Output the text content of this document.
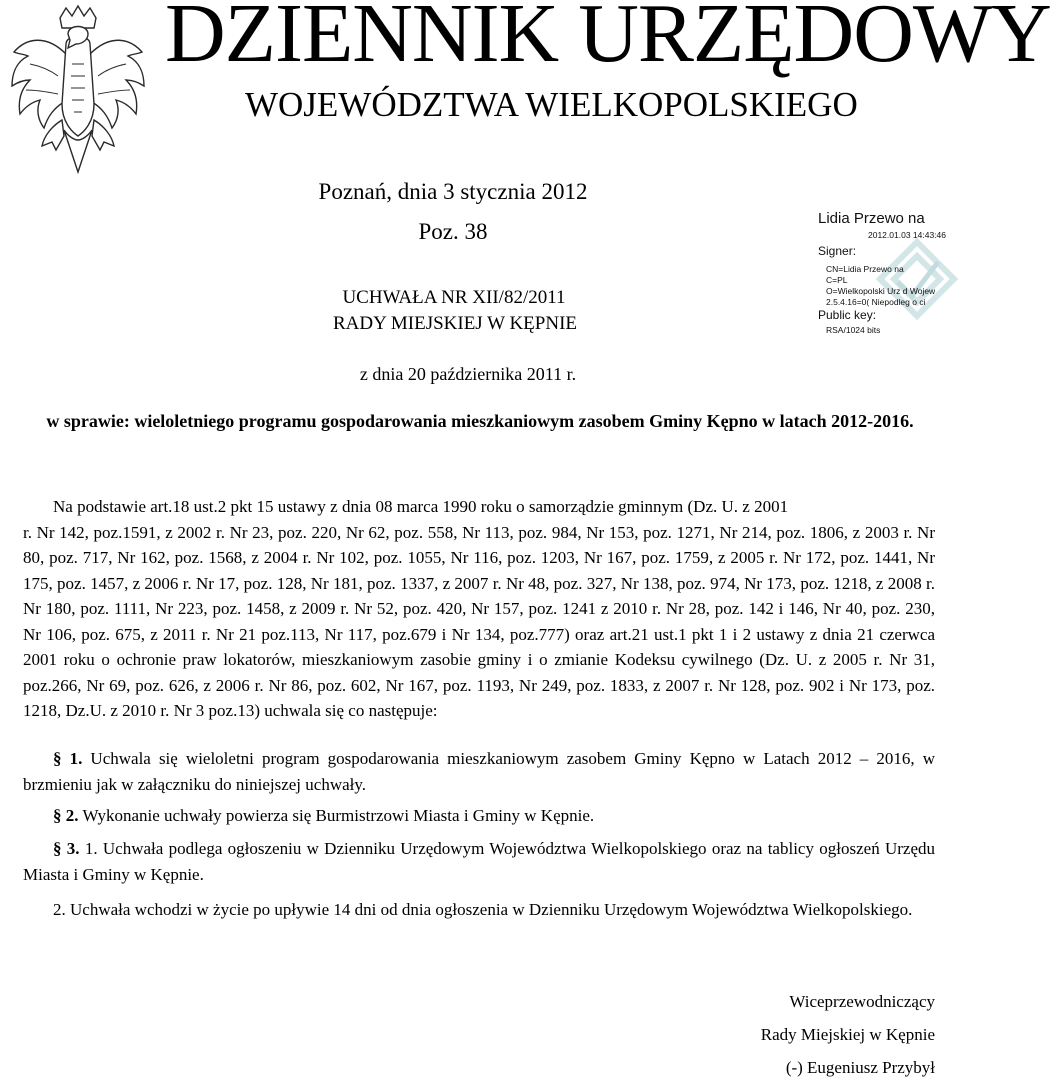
DZIENNIK URZĘDOWY
WOJEWÓDZTWA WIELKOPOLSKIEGO
Poznań, dnia 3 stycznia 2012
Poz. 38
UCHWAŁA NR XII/82/2011
RADY MIEJSKIEJ W KĘPNIE
z dnia 20 października 2011 r.
w sprawie: wieloletniego programu gospodarowania mieszkaniowym zasobem Gminy Kępno w latach 2012-2016.
Na podstawie art.18 ust.2 pkt 15 ustawy z dnia 08 marca 1990 roku o samorządzie gminnym (Dz. U. z 2001
r. Nr 142, poz.1591, z 2002 r. Nr 23, poz. 220, Nr 62, poz. 558, Nr 113, poz. 984, Nr 153, poz. 1271, Nr 214, poz. 1806, z 2003 r. Nr 80, poz. 717, Nr 162, poz. 1568, z 2004 r. Nr 102, poz. 1055, Nr 116, poz. 1203, Nr 167, poz. 1759, z 2005 r. Nr 172, poz. 1441, Nr 175, poz. 1457, z 2006 r. Nr 17, poz. 128, Nr 181, poz. 1337, z 2007 r. Nr 48, poz. 327, Nr 138, poz. 974, Nr 173, poz. 1218, z 2008 r. Nr 180, poz. 1111, Nr 223, poz. 1458, z 2009 r. Nr 52, poz. 420, Nr 157, poz. 1241 z 2010 r. Nr 28, poz. 142 i 146, Nr 40, poz. 230, Nr 106, poz. 675, z 2011 r. Nr 21 poz.113, Nr 117, poz.679 i Nr 134, poz.777) oraz art.21 ust.1 pkt 1 i 2 ustawy z dnia 21 czerwca 2001 roku o ochronie praw lokatorów, mieszkaniowym zasobie gminy i o zmianie Kodeksu cywilnego (Dz. U. z 2005 r. Nr 31, poz.266, Nr 69, poz. 626, z 2006 r. Nr 86, poz. 602, Nr 167, poz. 1193, Nr 249, poz. 1833, z 2007 r. Nr 128, poz. 902 i Nr 173, poz. 1218, Dz.U. z 2010 r. Nr 3 poz.13) uchwala się co następuje:
§ 1. Uchwala się wieloletni program gospodarowania mieszkaniowym zasobem Gminy Kępno w Latach 2012 – 2016, w brzmieniu jak w załączniku do niniejszej uchwały.
§ 2. Wykonanie uchwały powierza się Burmistrzowi Miasta i Gminy w Kępnie.
§ 3. 1. Uchwała podlega ogłoszeniu w Dzienniku Urzędowym Województwa Wielkopolskiego oraz na tablicy ogłoszeń Urzędu Miasta i Gminy w Kępnie.
2. Uchwała wchodzi w życie po upływie 14 dni od dnia ogłoszenia w Dzienniku Urzędowym Województwa Wielkopolskiego.
Wiceprzewodniczący
Rady Miejskiej w Kępnie
(-) Eugeniusz Przybył
Lidia Przewo na
2012.01.03 14:43:46
Signer:
CN=Lidia Przewo na
C=PL
O=Wielkopolski Urz d Wojew
2.5.4.16=0( Niepodleg o ci
Public key:
RSA/1024 bits
